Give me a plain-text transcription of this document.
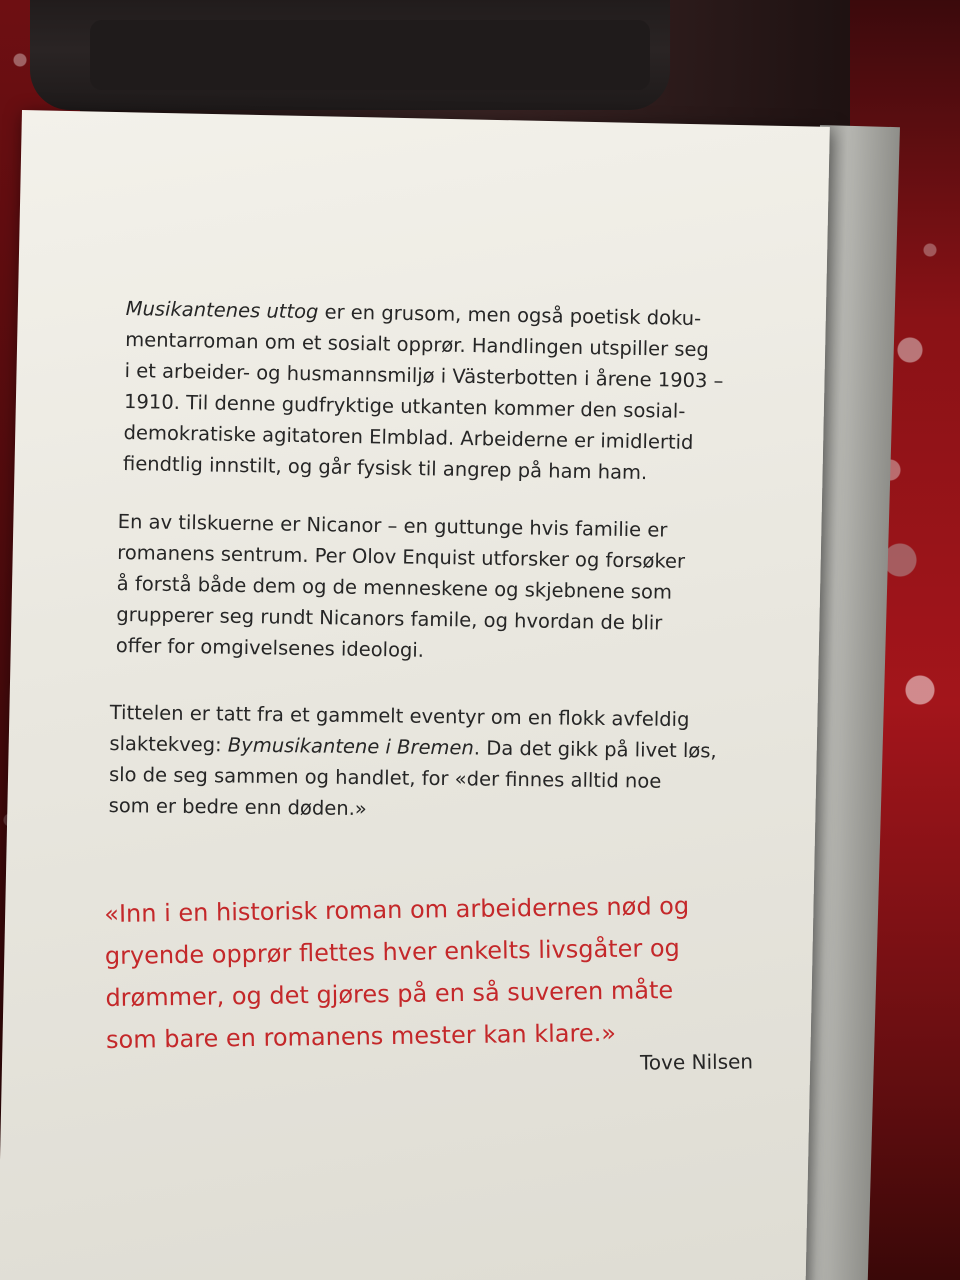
Musikantenes uttog er en grusom, men også poetisk doku-
mentarroman om et sosialt opprør. Handlingen utspiller seg
i et arbeider- og husmannsmiljø i Västerbotten i årene 1903 –
1910. Til denne gudfryktige utkanten kommer den sosial-
demokratiske agitatoren Elmblad. Arbeiderne er imidlertid
fiendtlig innstilt, og går fysisk til angrep på ham ham.
En av tilskuerne er Nicanor – en guttunge hvis familie er
romanens sentrum. Per Olov Enquist utforsker og forsøker
å forstå både dem og de menneskene og skjebnene som
grupperer seg rundt Nicanors famile, og hvordan de blir
offer for omgivelsenes ideologi.
Tittelen er tatt fra et gammelt eventyr om en flokk avfeldig
slaktekveg: Bymusikantene i Bremen. Da det gikk på livet løs,
slo de seg sammen og handlet, for «der finnes alltid noe
som er bedre enn døden.»
«Inn i en historisk roman om arbeidernes nød og
gryende opprør flettes hver enkelts livsgåter og
drømmer, og det gjøres på en så suveren måte
som bare en romanens mester kan klare.»
Tove Nilsen
